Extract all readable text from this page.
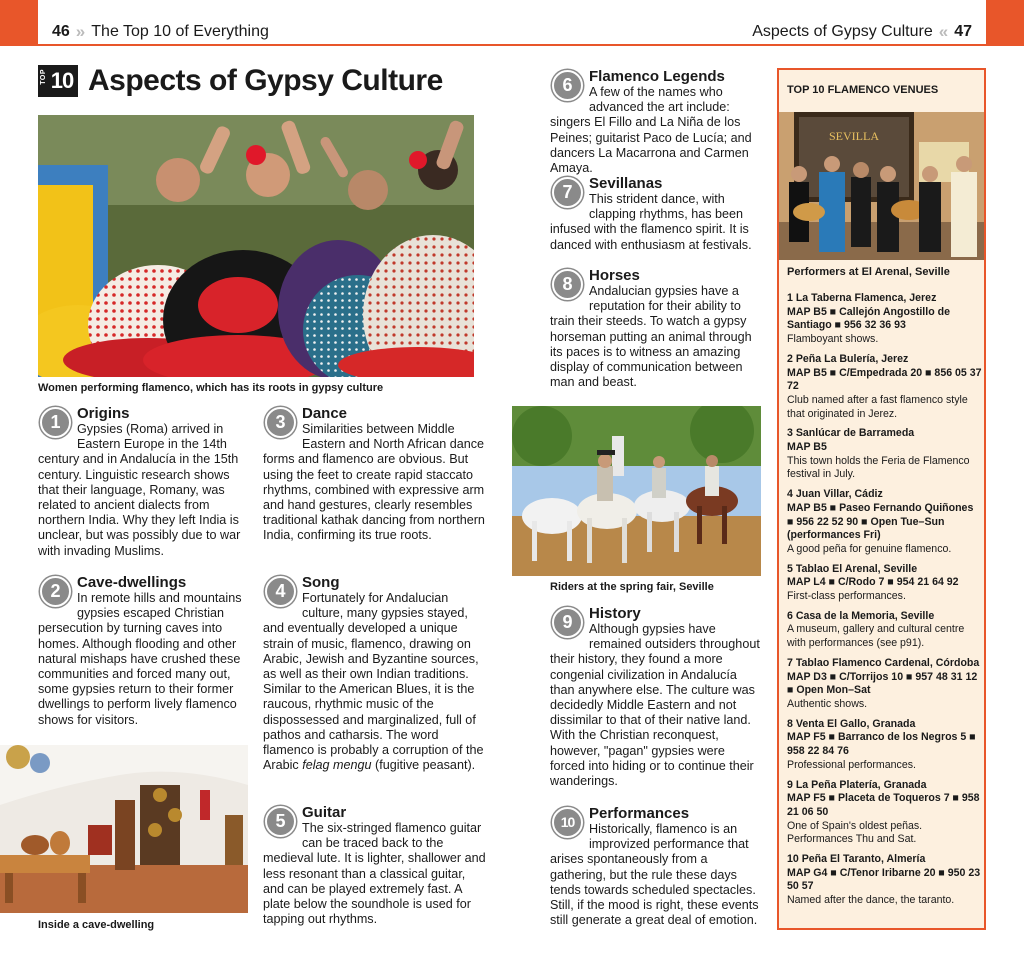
46 » The Top 10 of Everything	Aspects of Gypsy Culture « 47
TOP 10 Aspects of Gypsy Culture
Women performing flamenco, which has its roots in gypsy culture
1	Origins
Gypsies (Roma) arrived in Eastern Europe in the 14th century and in Andalucía in the 15th century. Linguistic research shows that their language, Romany, was related to ancient dialects from northern India. Why they left India is unclear, but was possibly due to war with invading Muslims.
2	Cave-dwellings
In remote hills and mountains gypsies escaped Christian persecution by turning caves into homes. Although flooding and other natural mishaps have crushed these communities and forced many out, some gypsies return to their former dwellings to perform lively flamenco shows for visitors.
Inside a cave-dwelling
3	Dance
Similarities between Middle Eastern and North African dance forms and flamenco are obvious. But using the feet to create rapid staccato rhythms, combined with expressive arm and hand gestures, clearly resembles traditional kathak dancing from northern India, confirming its true roots.
4	Song
Fortunately for Andalucian culture, many gypsies stayed, and eventually developed a unique strain of music, flamenco, drawing on Arabic, Jewish and Byzantine sources, as well as their own Indian traditions. Similar to the American Blues, it is the raucous, rhythmic music of the dispossessed and marginalized, full of pathos and catharsis. The word flamenco is probably a corruption of the Arabic felag mengu (fugitive peasant).
5	Guitar
The six-stringed flamenco guitar can be traced back to the medieval lute. It is lighter, shallower and less resonant than a classical guitar, and can be played extremely fast. A plate below the soundhole is used for tapping out rhythms.
6	Flamenco Legends
A few of the names who advanced the art include: singers El Fillo and La Niña de los Peines; guitarist Paco de Lucía; and dancers La Macarrona and Carmen Amaya.
7	Sevillanas
This strident dance, with clapping rhythms, has been infused with the flamenco spirit. It is danced with enthusiasm at festivals.
8	Horses
Andalucian gypsies have a reputation for their ability to train their steeds. To watch a gypsy horseman putting an animal through its paces is to witness an amazing display of communication between man and beast.
Riders at the spring fair, Seville
9	History
Although gypsies have remained outsiders throughout their history, they found a more congenial civilization in Andalucía than anywhere else. The culture was decidedly Middle Eastern and not dissimilar to that of their native land. With the Christian reconquest, however, "pagan" gypsies were forced into hiding or to continue their wanderings.
10 Performances
Historically, flamenco is an improvized performance that arises spontaneously from a gathering, but the rule these days tends towards scheduled spectacles. Still, if the mood is right, these events still generate a great deal of emotion.
TOP 10 FLAMENCO VENUES
SEVILLA
Performers at El Arenal, Seville
1 La Taberna Flamenca, Jerez
MAP B5 ■ Callejón Angostillo de Santiago ■ 956 32 36 93
Flamboyant shows.
2 Peña La Bulería, Jerez
MAP B5 ■ C/Empedrada 20 ■ 856 05 37 72
Club named after a fast flamenco style that originated in Jerez.
3 Sanlúcar de Barrameda
MAP B5
This town holds the Feria de Flamenco festival in July.
4 Juan Villar, Cádiz
MAP B5 ■ Paseo Fernando Quiñones ■ 956 22 52 90 ■ Open Tue–Sun (performances Fri)
A good peña for genuine flamenco.
5 Tablao El Arenal, Seville
MAP L4 ■ C/Rodo 7 ■ 954 21 64 92
First-class performances.
6 Casa de la Memoria, Seville
A museum, gallery and cultural centre with performances (see p91).
7 Tablao Flamenco Cardenal, Córdoba
MAP D3 ■ C/Torrijos 10 ■ 957 48 31 12 ■ Open Mon–Sat
Authentic shows.
8 Venta El Gallo, Granada
MAP F5 ■ Barranco de los Negros 5 ■ 958 22 84 76
Professional performances.
9 La Peña Platería, Granada
MAP F5 ■ Placeta de Toqueros 7 ■ 958 21 06 50
One of Spain's oldest peñas. Performances Thu and Sat.
10 Peña El Taranto, Almería
MAP G4 ■ C/Tenor Iribarne 20 ■ 950 23 50 57
Named after the dance, the taranto.
